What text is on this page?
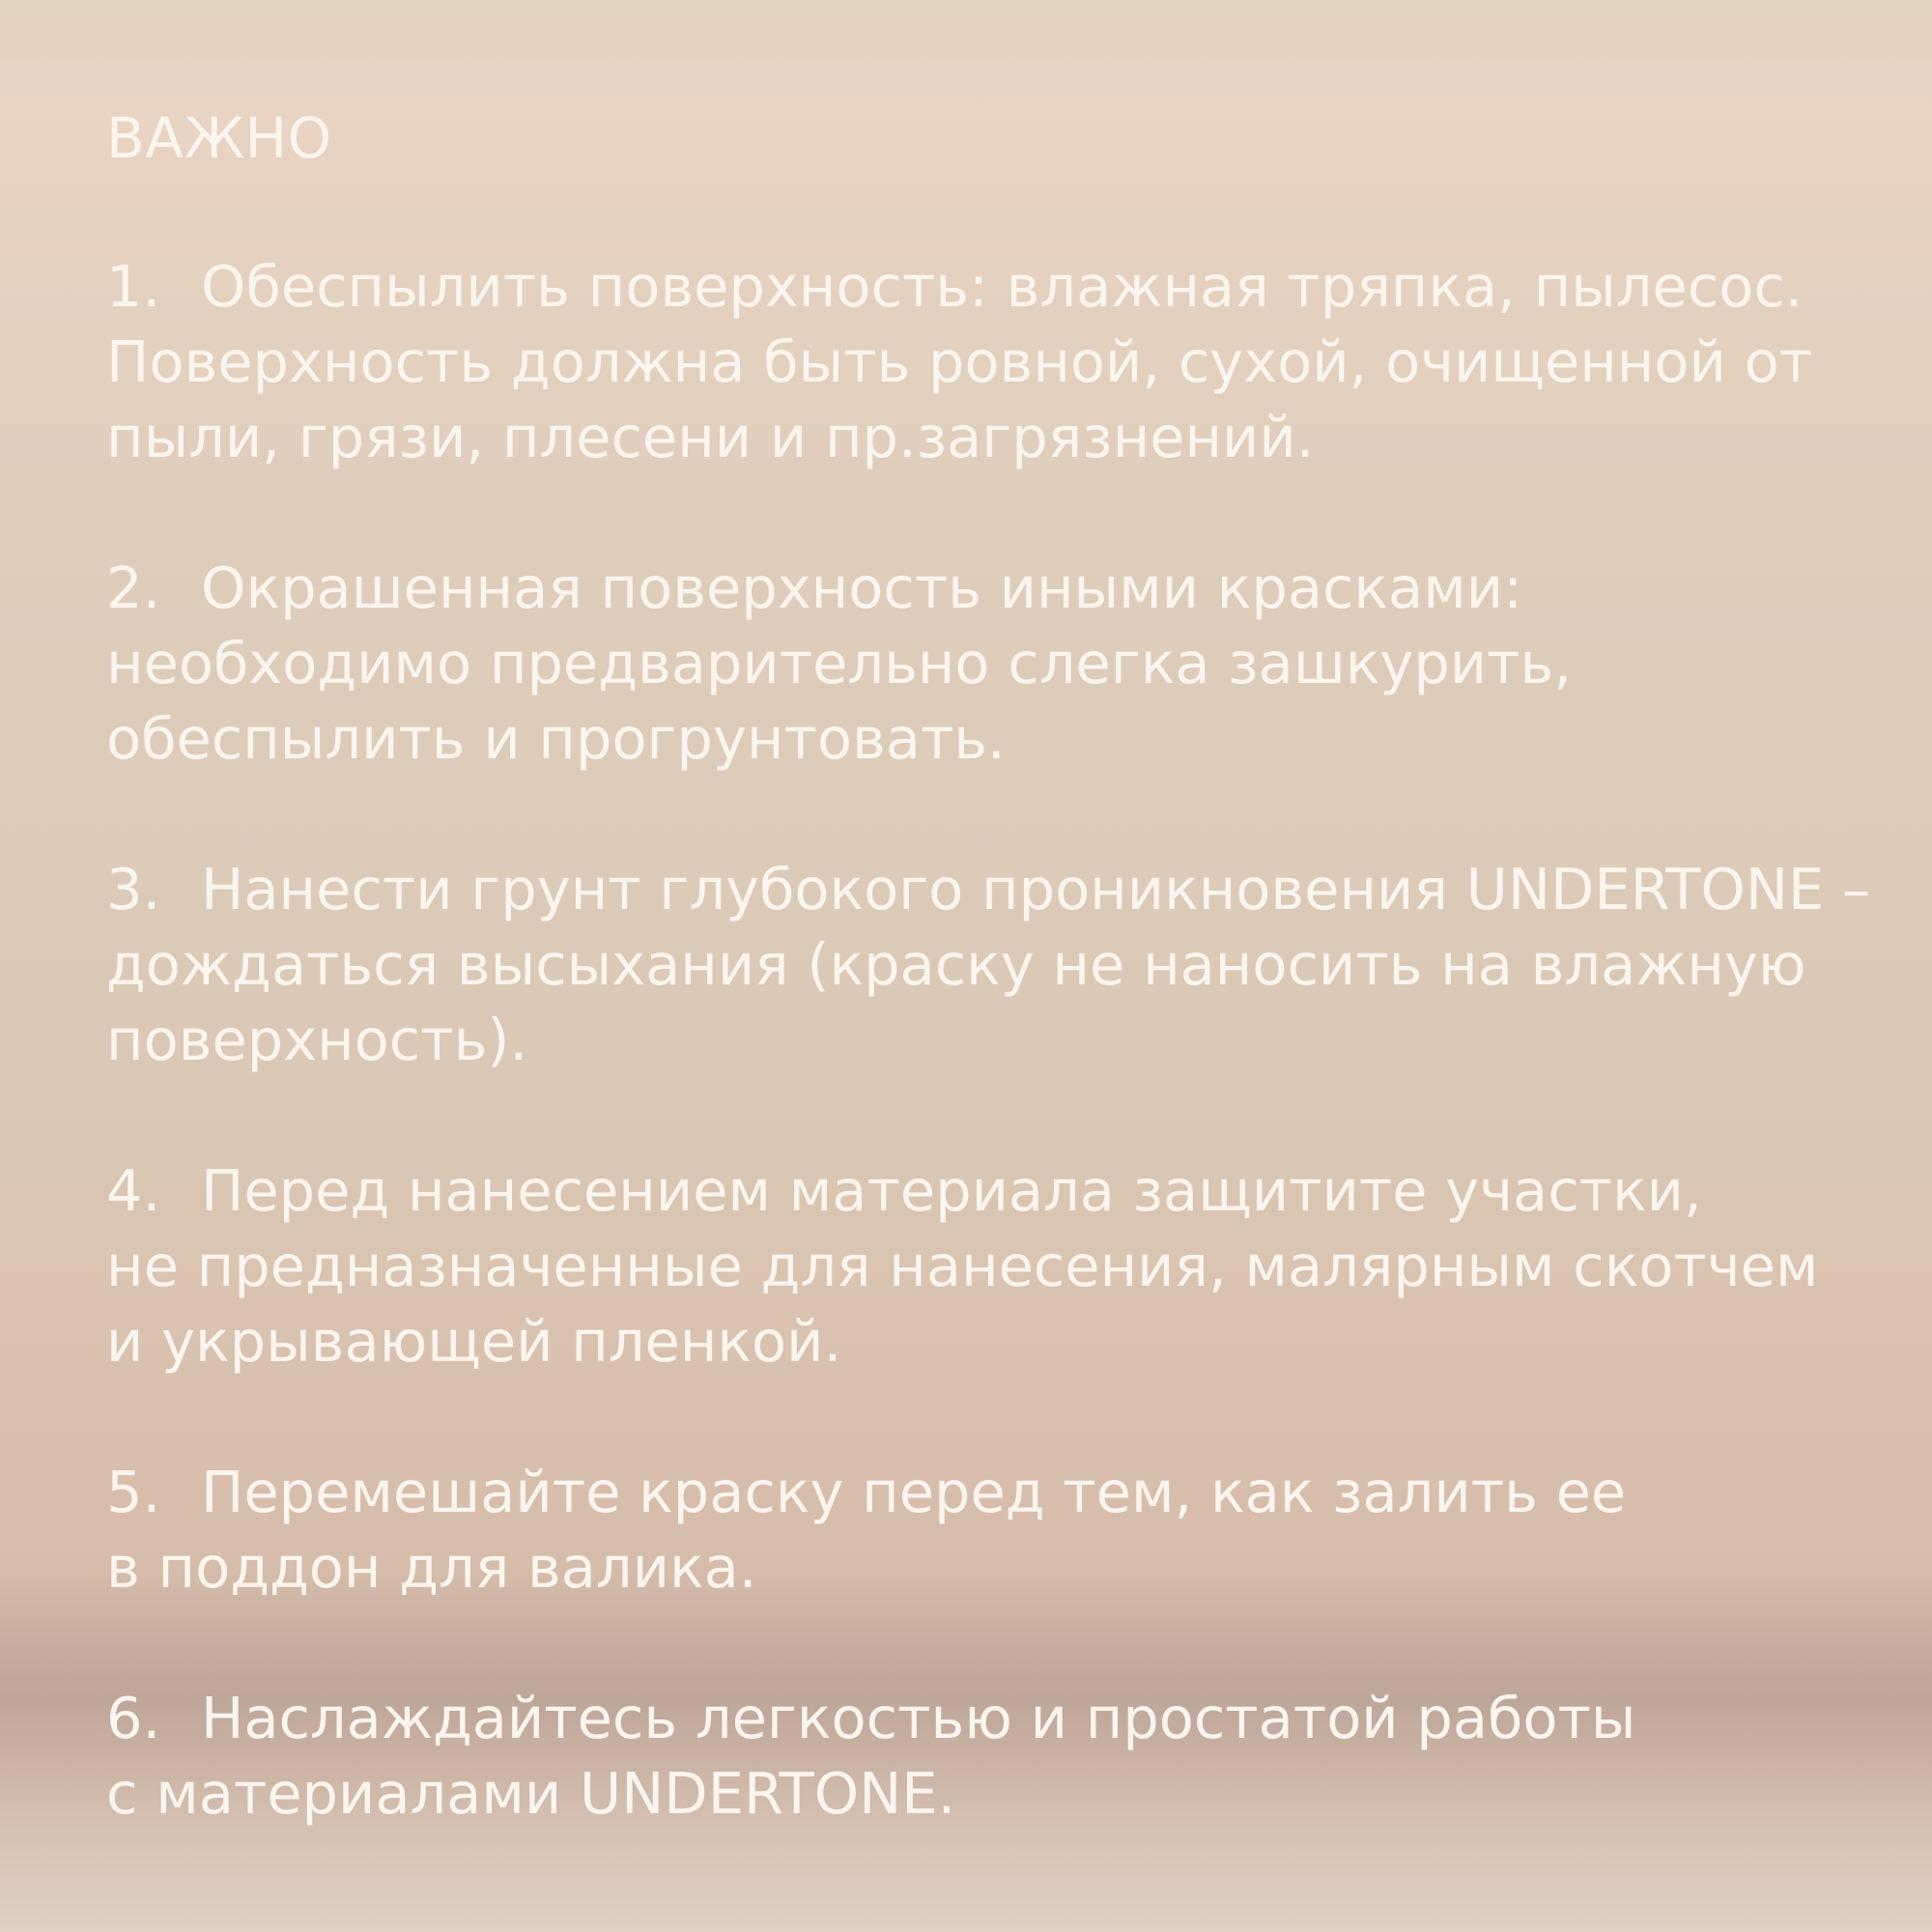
ВАЖНО
1. Обеспылить поверхность: влажная тряпка, пылесос.
Поверхность должна быть ровной, сухой, очищенной от
пыли, грязи, плесени и пр.загрязнений.
2. Окрашенная поверхность иными красками:
необходимо предварительно слегка зашкурить,
обеспылить и прогрунтовать.
3. Нанести грунт глубокого проникновения UNDERTONE –
дождаться высыхания (краску не наносить на влажную
поверхность).
4. Перед нанесением материала защитите участки,
не предназначенные для нанесения, малярным скотчем
и укрывающей пленкой.
5. Перемешайте краску перед тем, как залить ее
в поддон для валика.
6. Наслаждайтесь легкостью и простатой работы
с материалами UNDERTONE.
